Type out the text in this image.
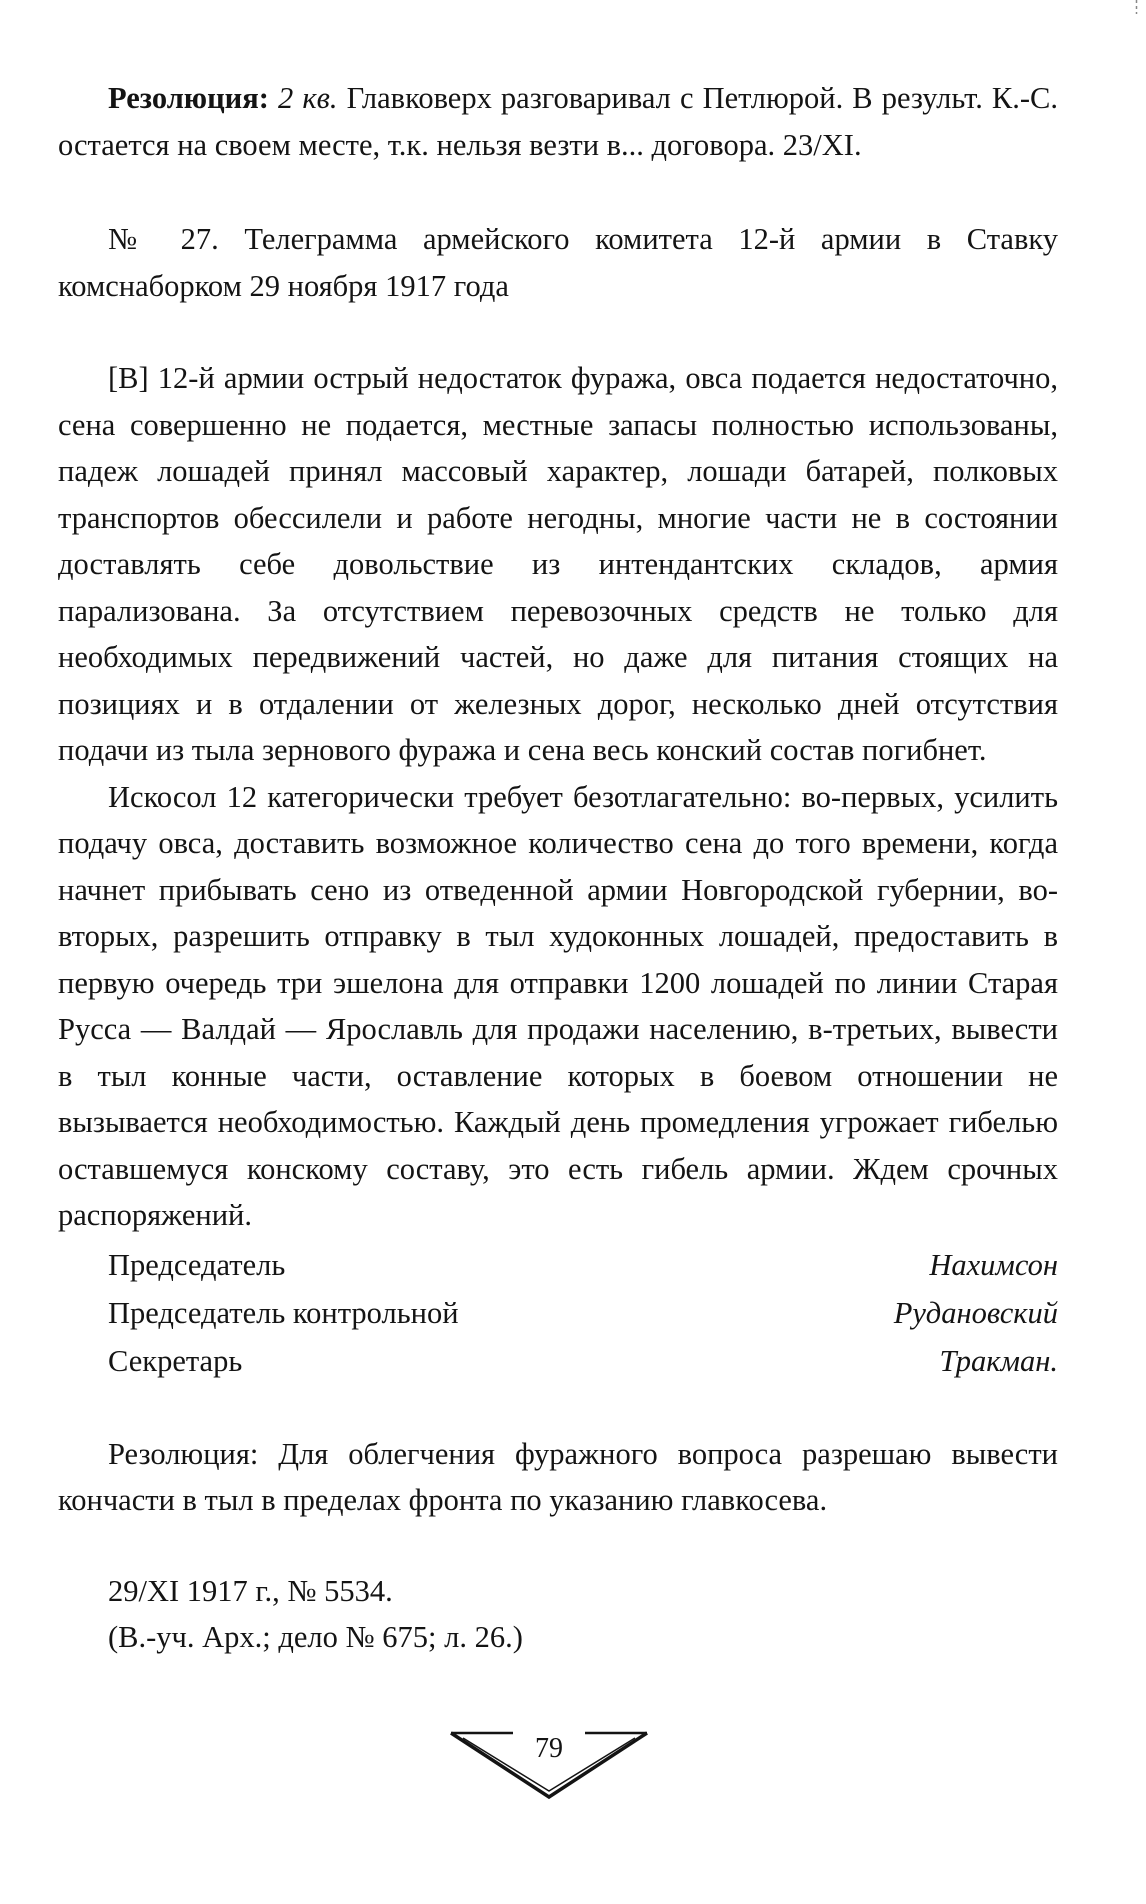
Резолюция: 2 кв. Главковерх разговаривал с Петлюрой. В результ. К.-С. остается на своем месте, т.к. нельзя везти в... договора. 23/XI.

№ 27. Телеграмма армейского комитета 12-й армии в Ставку комснаборком 29 ноября 1917 года

[В] 12-й армии острый недостаток фуража, овса подается недостаточно, сена совершенно не подается, местные запасы полностью использованы, падеж лошадей принял массовый характер, лошади батарей, полковых транспортов обессилели и работе негодны, многие части не в состоянии доставлять себе довольствие из интендантских складов, армия парализована. За отсутствием перевозочных средств не только для необходимых передвижений частей, но даже для питания стоящих на позициях и в отдалении от железных дорог, несколько дней отсутствия подачи из тыла зернового фуража и сена весь конский состав погибнет.

Искосол 12 категорически требует безотлагательно: во-первых, усилить подачу овса, доставить возможное количество сена до того времени, когда начнет прибывать сено из отведенной армии Новгородской губернии, во-вторых, разрешить отправку в тыл худоконных лошадей, предоставить в первую очередь три эшелона для отправки 1200 лошадей по линии Старая Русса — Валдай — Ярославль для продажи населению, в-третьих, вывести в тыл конные части, оставление которых в боевом отношении не вызывается необходимостью. Каждый день промедления угрожает гибелью оставшемуся конскому составу, это есть гибель армии. Ждем срочных распоряжений.

Председатель	Нахимсон
Председатель контрольной	Рудановский
Секретарь	Тракман.

Резолюция: Для облегчения фуражного вопроса разрешаю вывести кончасти в тыл в пределах фронта по указанию главкосева.

29/XI 1917 г., № 5534.

(В.-уч. Арх.; дело № 675; л. 26.)

79
